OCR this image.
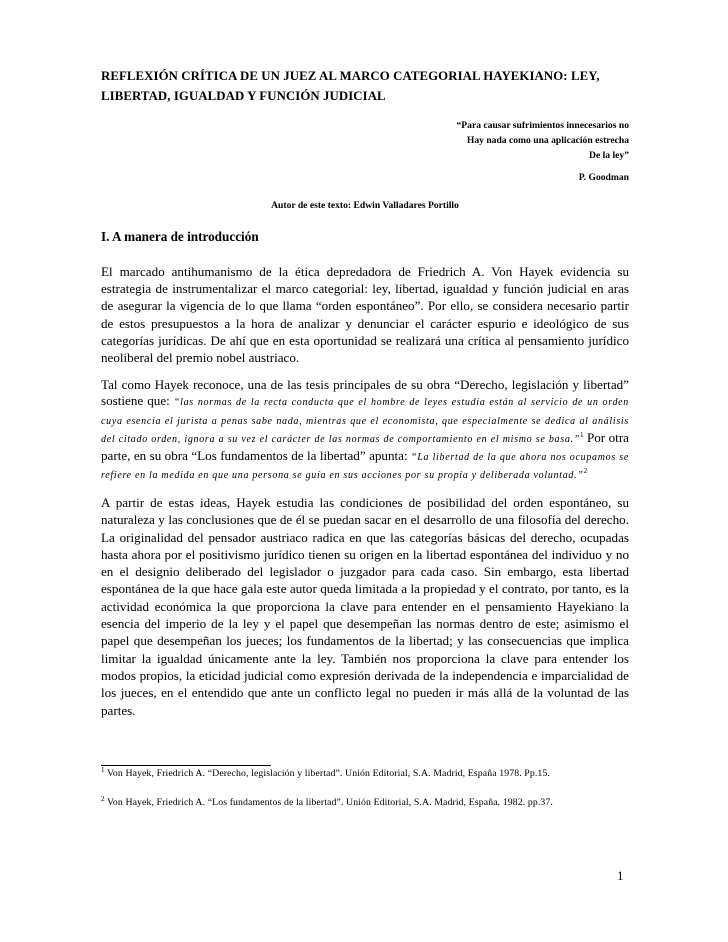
REFLEXIÓN CRÍTICA DE UN JUEZ AL MARCO CATEGORIAL HAYEKIANO: LEY, LIBERTAD, IGUALDAD Y FUNCIÓN JUDICIAL
“Para causar sufrimientos innecesarios no
Hay nada como una aplicación estrecha
De la ley”
P. Goodman
Autor de este texto: Edwin Valladares Portillo
I. A manera de introducción
El marcado antihumanismo de la ética depredadora de Friedrich A. Von Hayek evidencia su estrategia de instrumentalizar el marco categorial: ley, libertad, igualdad y función judicial en aras de asegurar la vigencia de lo que llama “orden espontáneo”. Por ello, se considera necesario partir de estos presupuestos a la hora de analizar y denunciar el carácter espurio e ideológico de sus categorías jurídicas. De ahí que en esta oportunidad se realizará una crítica al pensamiento jurídico neoliberal del premio nobel austriaco.
Tal como Hayek reconoce, una de las tesis principales de su obra “Derecho, legislación y libertad” sostiene que: “las normas de la recta conducta que el hombre de leyes estudia están al servicio de un orden cuya esencia el jurista a penas sabe nada, mientras que el economista, que especialmente se dedica al análisis del citado orden, ignora a su vez el carácter de las normas de comportamiento en el mismo se basa.”$^1$ Por otra parte, en su obra “Los fundamentos de la libertad” apunta: “La libertad de la que ahora nos ocupamos se refiere en la medida en que una persona se guía en sus acciones por su propia y deliberada voluntad.”$^2$
A partir de estas ideas, Hayek estudia las condiciones de posibilidad del orden espontáneo, su naturaleza y las conclusiones que de él se puedan sacar en el desarrollo de una filosofía del derecho. La originalidad del pensador austriaco radica en que las categorías básicas del derecho, ocupadas hasta ahora por el positivismo jurídico tienen su origen en la libertad espontánea del individuo y no en el designio deliberado del legislador o juzgador para cada caso. Sin embargo, esta libertad espontánea de la que hace gala este autor queda limitada a la propiedad y el contrato, por tanto, es la actividad económica la que proporciona la clave para entender en el pensamiento Hayekiano la esencia del imperio de la ley y el papel que desempeñan las normas dentro de este; asimismo el papel que desempeñan los jueces; los fundamentos de la libertad; y las consecuencias que implica limitar la igualdad únicamente ante la ley. También nos proporciona la clave para entender los modos propios, la eticidad judicial como expresión derivada de la independencia e imparcialidad de los jueces, en el entendido que ante un conflicto legal no pueden ir más allá de la voluntad de las partes.
$^1$ Von Hayek, Friedrich A. “Derecho, legislación y libertad”. Unión Editorial, S.A. Madrid, España 1978. Pp.15.
$^2$ Von Hayek, Friedrich A. “Los fundamentos de la libertad”. Unión Editorial, S.A. Madrid, España. 1982. pp.37.
1
